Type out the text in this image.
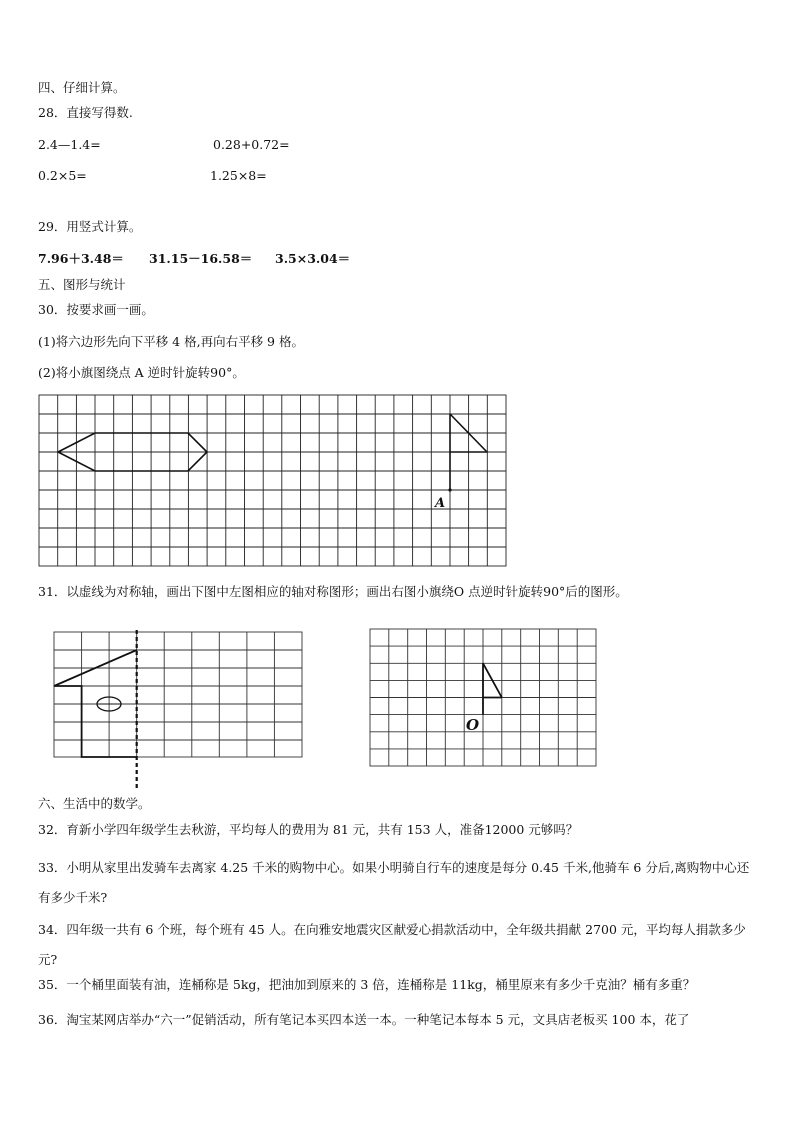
四、仔细计算。
28．直接写得数.
2.4—1.4=	0.28+0.72=
0.2×5=	1.25×8=
29．用竖式计算。
7.96＋3.48＝ 31.15－16.58＝ 3.5×3.04＝
五、图形与统计
30．按要求画一画。
(1)将六边形先向下平移 4 格,再向右平移 9 格。
(2)将小旗图绕点 A 逆时针旋转90°。
A
31．以虚线为对称轴，画出下图中左图相应的轴对称图形；画出右图小旗绕O 点逆时针旋转90°后的图形。
O
六、生活中的数学。
32．育新小学四年级学生去秋游，平均每人的费用为 81 元，共有 153 人，准备12000 元够吗？
33．小明从家里出发骑车去离家 4.25 千米的购物中心。如果小明骑自行车的速度是每分 0.45 千米,他骑车 6 分后,离购物中心还有多少千米?
34．四年级一共有 6 个班，每个班有 45 人。在向雅安地震灾区献爱心捐款活动中，全年级共捐献 2700 元，平均每人捐款多少元?
35．一个桶里面装有油，连桶称是 5kg，把油加到原来的 3 倍，连桶称是 11kg，桶里原来有多少千克油？桶有多重？
36．淘宝某网店举办“六一”促销活动，所有笔记本买四本送一本。一种笔记本每本 5 元，文具店老板买 100 本，花了
